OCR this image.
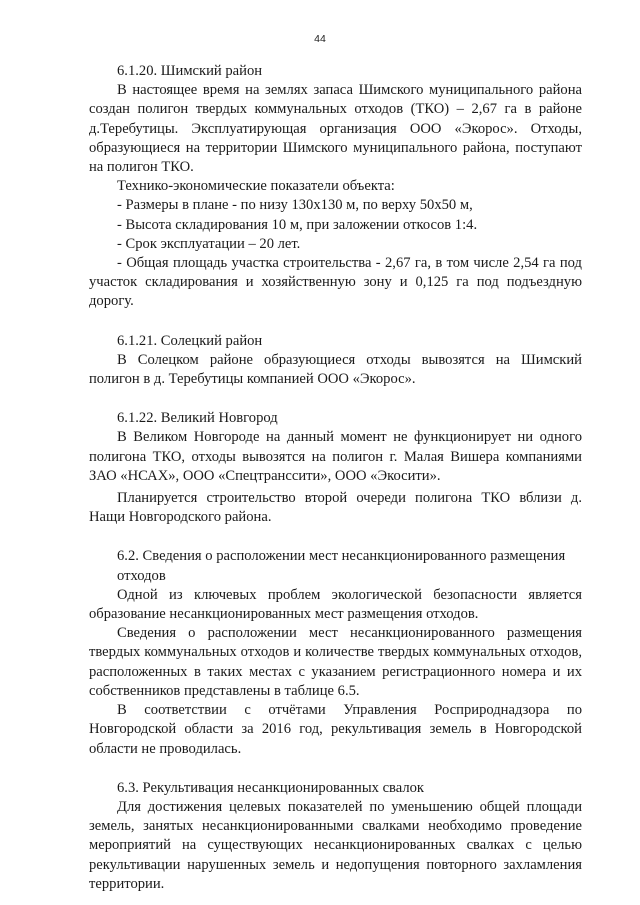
44
6.1.20. Шимский район

В настоящее время на землях запаса Шимского муниципального района создан полигон твердых коммунальных отходов (ТКО) – 2,67 га в районе д.Теребутицы. Эксплуатирующая организация ООО «Экорос». Отходы, образующиеся на территории Шимского муниципального района, поступают на полигон ТКО.

Технико-экономические показатели объекта:

- Размеры в плане - по низу 130х130 м, по верху 50х50 м,

- Высота складирования 10 м, при заложении откосов 1:4.

- Срок эксплуатации – 20 лет.

- Общая площадь участка строительства - 2,67 га, в том числе 2,54 га под участок складирования и хозяйственную зону и 0,125 га под подъездную дорогу.

6.1.21. Солецкий район

В Солецком районе образующиеся отходы вывозятся на Шимский полигон в д. Теребутицы компанией ООО «Экорос».

6.1.22. Великий Новгород

В Великом Новгороде на данный момент не функционирует ни одного полигона ТКО, отходы вывозятся на полигон г. Малая Вишера компаниями ЗАО «НСАХ», ООО «Спецтранссити», ООО «Экосити».

Планируется строительство второй очереди полигона ТКО вблизи д. Нащи Новгородского района.

6.2. Сведения о расположении мест несанкционированного размещения
отходов

Одной из ключевых проблем экологической безопасности является образование несанкционированных мест размещения отходов.

Сведения о расположении мест несанкционированного размещения твердых коммунальных отходов и количестве твердых коммунальных отходов, расположенных в таких местах с указанием регистрационного номера и их собственников представлены в таблице 6.5.

В соответствии с отчётами Управления Росприроднадзора по Новгородской области за 2016 год, рекультивация земель в Новгородской области не проводилась.

6.3. Рекультивация несанкционированных свалок

Для достижения целевых показателей по уменьшению общей площади земель, занятых несанкционированными свалками необходимо проведение мероприятий на существующих несанкционированных свалках с целью рекультивации нарушенных земель и недопущения повторного захламления территории.
